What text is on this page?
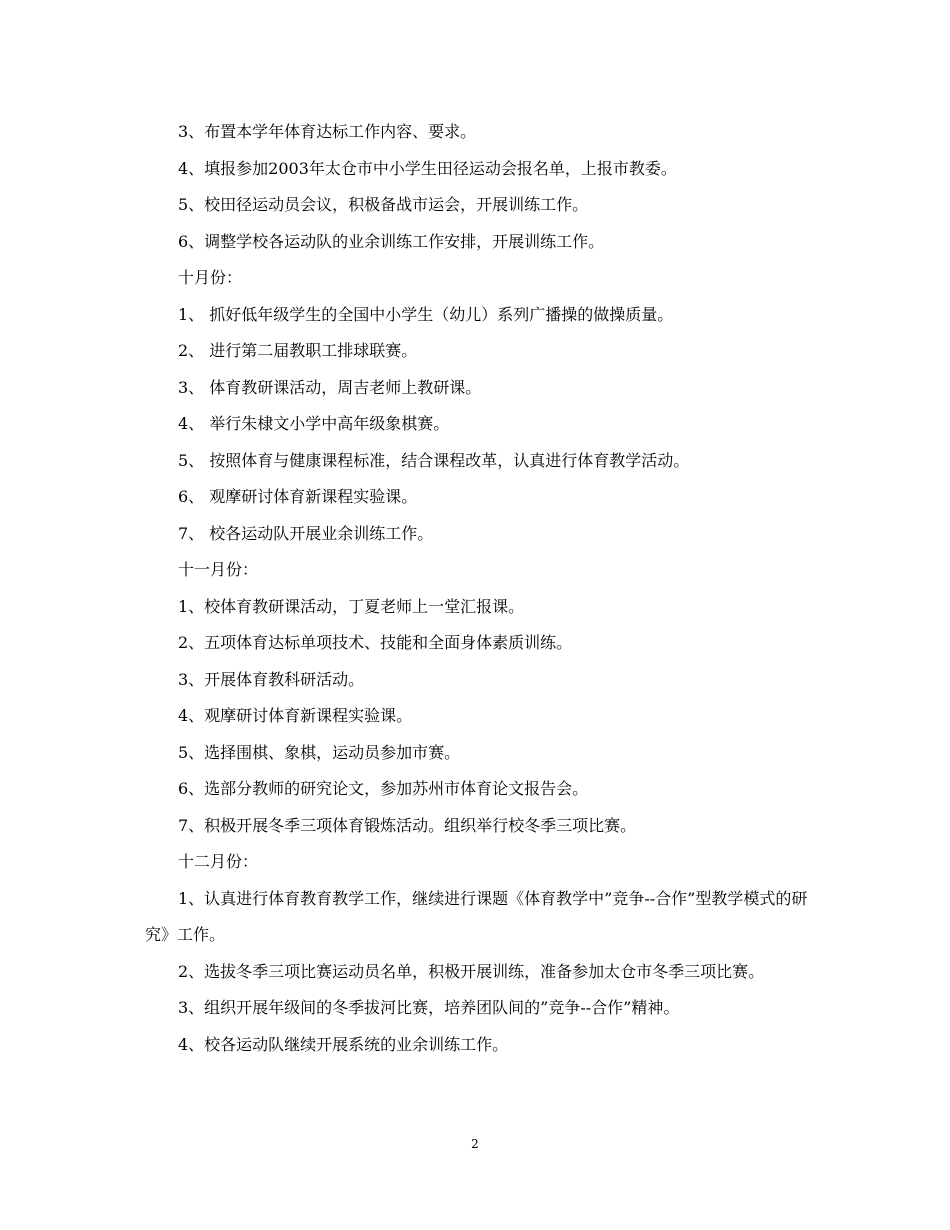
3、布置本学年体育达标工作内容、要求。
4、填报参加2003年太仓市中小学生田径运动会报名单，上报市教委。
5、校田径运动员会议，积极备战市运会，开展训练工作。
6、调整学校各运动队的业余训练工作安排，开展训练工作。
十月份：
1、 抓好低年级学生的全国中小学生（幼儿）系列广播操的做操质量。
2、 进行第二届教职工排球联赛。
3、 体育教研课活动，周吉老师上教研课。
4、 举行朱棣文小学中高年级象棋赛。
5、 按照体育与健康课程标准，结合课程改革，认真进行体育教学活动。
6、 观摩研讨体育新课程实验课。
7、 校各运动队开展业余训练工作。
十一月份：
1、校体育教研课活动，丁夏老师上一堂汇报课。
2、五项体育达标单项技术、技能和全面身体素质训练。
3、开展体育教科研活动。
4、观摩研讨体育新课程实验课。
5、选择围棋、象棋，运动员参加市赛。
6、选部分教师的研究论文，参加苏州市体育论文报告会。
7、积极开展冬季三项体育锻炼活动。组织举行校冬季三项比赛。
十二月份：
1、认真进行体育教育教学工作，继续进行课题《体育教学中”竞争--合作”型教学模式的研究》工作。
2、选拔冬季三项比赛运动员名单，积极开展训练，准备参加太仓市冬季三项比赛。
3、组织开展年级间的冬季拔河比赛，培养团队间的”竞争--合作”精神。
4、校各运动队继续开展系统的业余训练工作。
2
